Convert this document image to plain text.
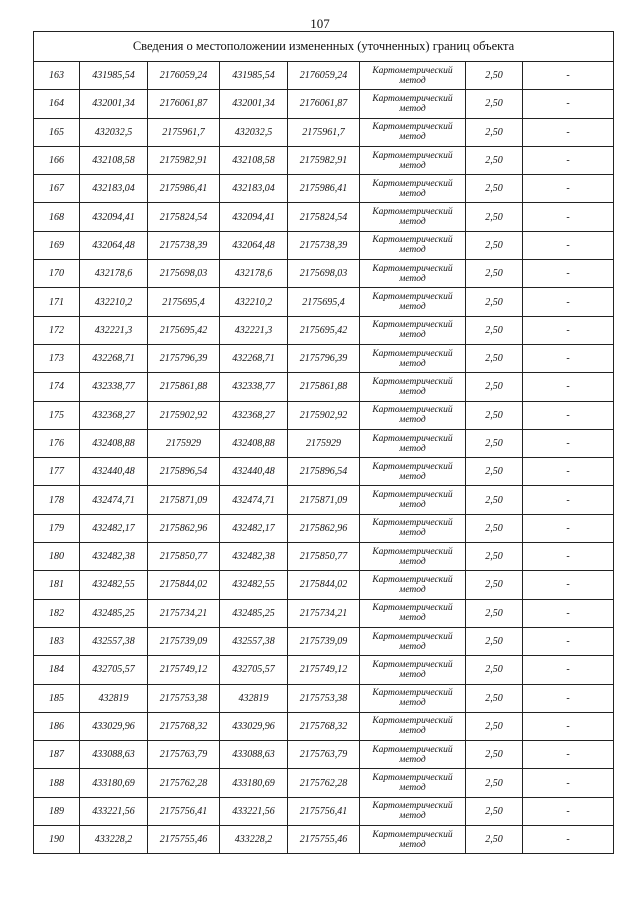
107
Сведения о местоположении измененных (уточненных) границ объекта							
163	431985,54	2176059,24	431985,54	2176059,24	Картометрический метод	2,50	-
164	432001,34	2176061,87	432001,34	2176061,87	Картометрический метод	2,50	-
165	432032,5	2175961,7	432032,5	2175961,7	Картометрический метод	2,50	-
166	432108,58	2175982,91	432108,58	2175982,91	Картометрический метод	2,50	-
167	432183,04	2175986,41	432183,04	2175986,41	Картометрический метод	2,50	-
168	432094,41	2175824,54	432094,41	2175824,54	Картометрический метод	2,50	-
169	432064,48	2175738,39	432064,48	2175738,39	Картометрический метод	2,50	-
170	432178,6	2175698,03	432178,6	2175698,03	Картометрический метод	2,50	-
171	432210,2	2175695,4	432210,2	2175695,4	Картометрический метод	2,50	-
172	432221,3	2175695,42	432221,3	2175695,42	Картометрический метод	2,50	-
173	432268,71	2175796,39	432268,71	2175796,39	Картометрический метод	2,50	-
174	432338,77	2175861,88	432338,77	2175861,88	Картометрический метод	2,50	-
175	432368,27	2175902,92	432368,27	2175902,92	Картометрический метод	2,50	-
176	432408,88	2175929	432408,88	2175929	Картометрический метод	2,50	-
177	432440,48	2175896,54	432440,48	2175896,54	Картометрический метод	2,50	-
178	432474,71	2175871,09	432474,71	2175871,09	Картометрический метод	2,50	-
179	432482,17	2175862,96	432482,17	2175862,96	Картометрический метод	2,50	-
180	432482,38	2175850,77	432482,38	2175850,77	Картометрический метод	2,50	-
181	432482,55	2175844,02	432482,55	2175844,02	Картометрический метод	2,50	-
182	432485,25	2175734,21	432485,25	2175734,21	Картометрический метод	2,50	-
183	432557,38	2175739,09	432557,38	2175739,09	Картометрический метод	2,50	-
184	432705,57	2175749,12	432705,57	2175749,12	Картометрический метод	2,50	-
185	432819	2175753,38	432819	2175753,38	Картометрический метод	2,50	-
186	433029,96	2175768,32	433029,96	2175768,32	Картометрический метод	2,50	-
187	433088,63	2175763,79	433088,63	2175763,79	Картометрический метод	2,50	-
188	433180,69	2175762,28	433180,69	2175762,28	Картометрический метод	2,50	-
189	433221,56	2175756,41	433221,56	2175756,41	Картометрический метод	2,50	-
190	433228,2	2175755,46	433228,2	2175755,46	Картометрический метод	2,50	-
